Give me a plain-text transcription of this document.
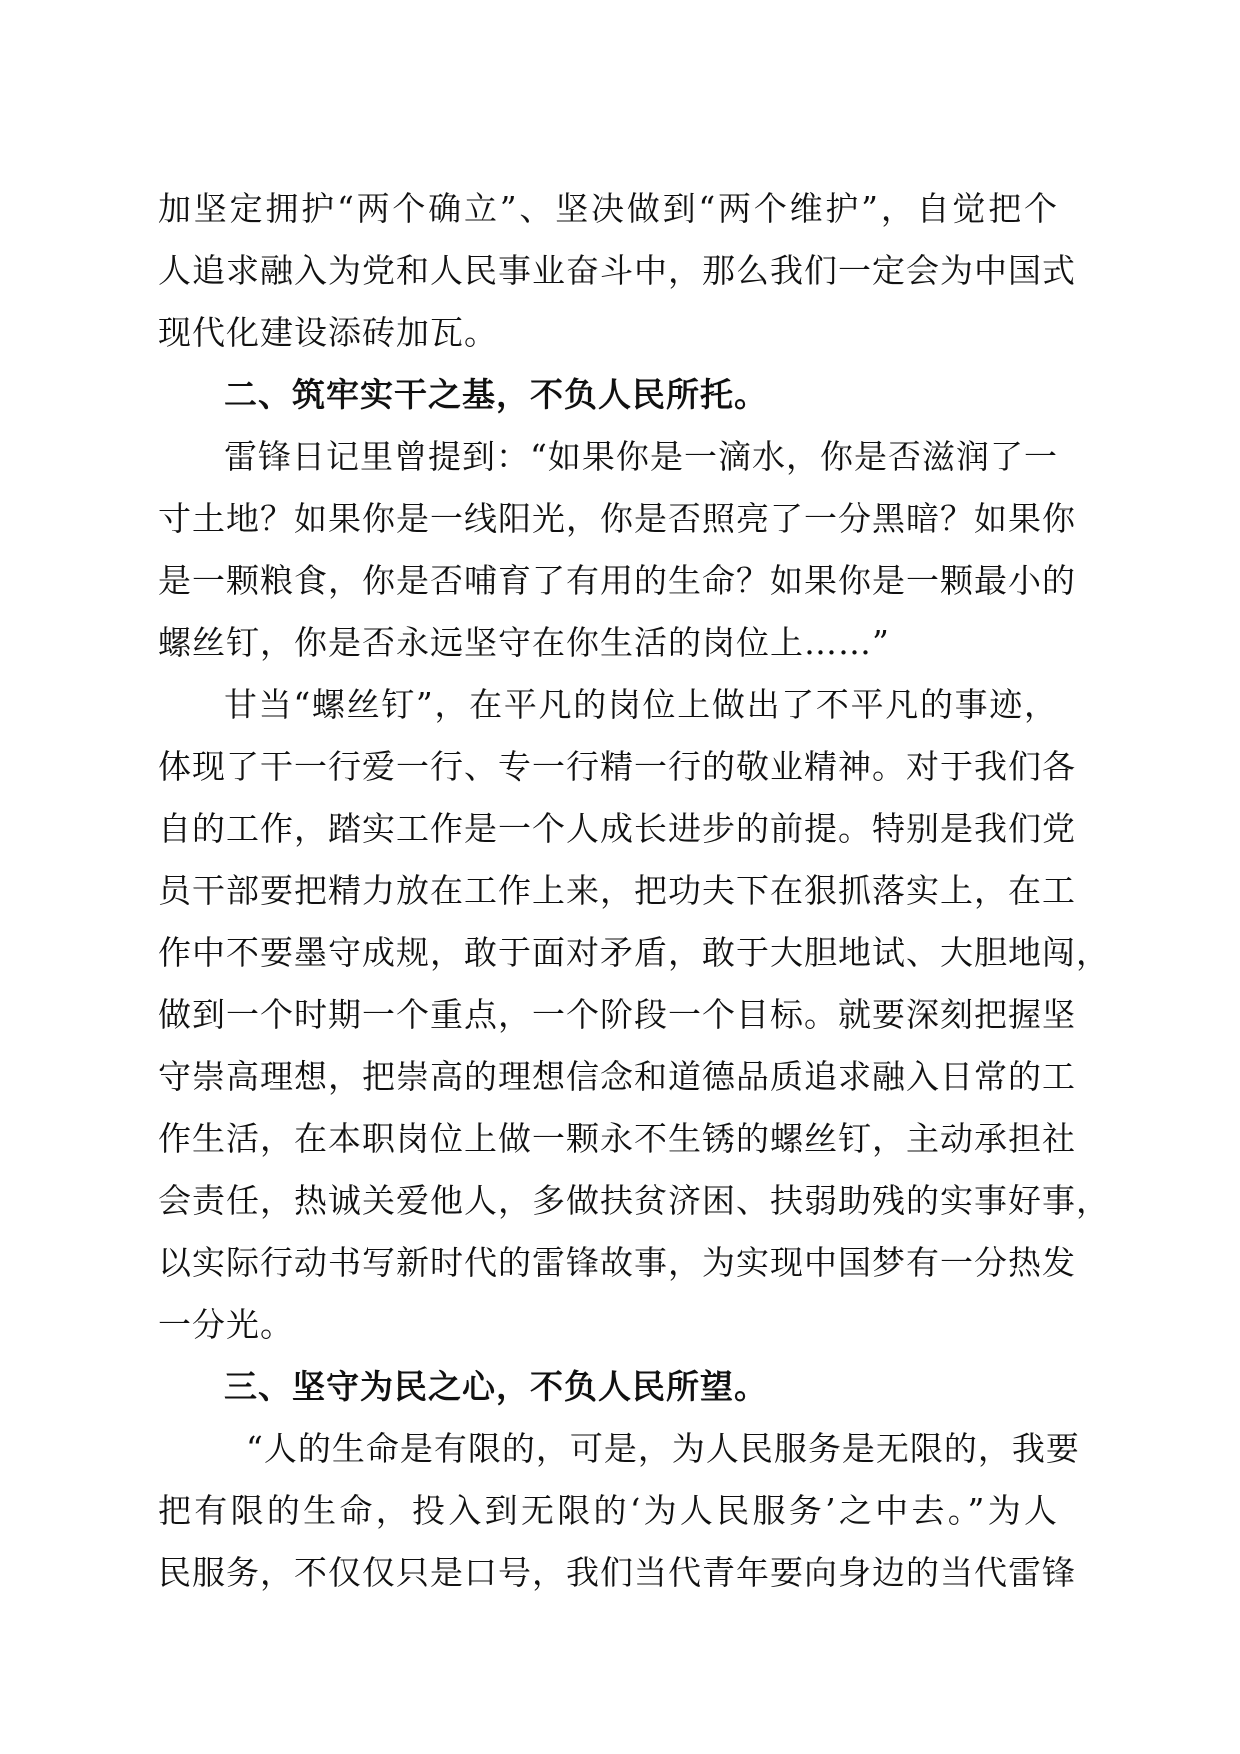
加坚定拥护“两个确立”、坚决做到“两个维护”，自觉把个
人追求融入为党和人民事业奋斗中，那么我们一定会为中国式
现代化建设添砖加瓦。
二、筑牢实干之基，不负人民所托。
雷锋日记里曾提到：“如果你是一滴水，你是否滋润了一
寸土地？如果你是一线阳光，你是否照亮了一分黑暗？如果你
是一颗粮食，你是否哺育了有用的生命？如果你是一颗最小的
螺丝钉，你是否永远坚守在你生活的岗位上……”
甘当“螺丝钉”，在平凡的岗位上做出了不平凡的事迹，
体现了干一行爱一行、专一行精一行的敬业精神。对于我们各
自的工作，踏实工作是一个人成长进步的前提。特别是我们党
员干部要把精力放在工作上来，把功夫下在狠抓落实上，在工
作中不要墨守成规，敢于面对矛盾，敢于大胆地试、大胆地闯，
做到一个时期一个重点，一个阶段一个目标。就要深刻把握坚
守崇高理想，把崇高的理想信念和道德品质追求融入日常的工
作生活，在本职岗位上做一颗永不生锈的螺丝钉，主动承担社
会责任，热诚关爱他人，多做扶贫济困、扶弱助残的实事好事，
以实际行动书写新时代的雷锋故事，为实现中国梦有一分热发
一分光。
三、坚守为民之心，不负人民所望。
“人的生命是有限的，可是，为人民服务是无限的，我要
把有限的生命，投入到无限的‘为人民服务’之中去。”为人
民服务，不仅仅只是口号，我们当代青年要向身边的当代雷锋
